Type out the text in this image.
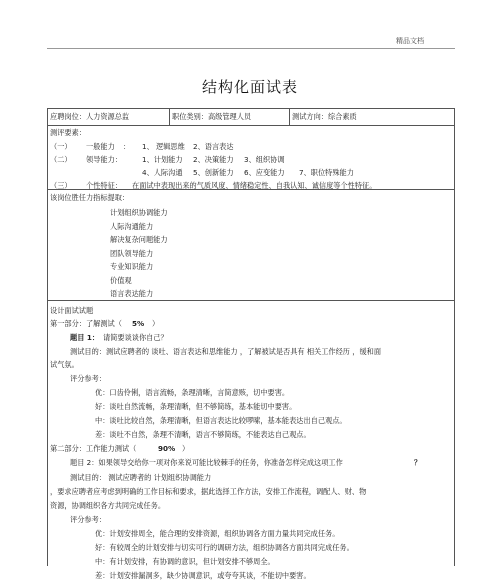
精品文档
结构化面试表
应聘岗位：人力资源总监	职位类别：高级管理人员	测试方向：综合素质
测评要素：
（一） 一般能力 ： 1、 逻辑思维 2、语言表达
（二） 领导能力：	1、计划能力 2、决策能力 3、组织协调
4、人际沟通 5、创新能力 6、应变能力 7、职位特殊能力
（三） 个性特征： 在面试中表现出来的气质风度、情绪稳定性、自我认知、诚信度等个性特征。
该岗位胜任力指标提取：
计划组织协调能力
人际沟通能力
解决复杂问题能力
团队领导能力
专业知识能力
价值观
语言表达能力
设计面试试题
第一部分：了解测试（ 5% ）
题目 1： 请简要谈谈你自己？
测试目的：测试应聘者的 谈吐、语言表达和思维能力 ，了解被试是否具有 相关工作经历 ，缓和面
试气氛。
评分参考：
优：口齿伶俐，语言流畅，条理清晰，言简意赅，切中要害。
好：谈吐自然流畅，条理清晰，但不够简练，基本能切中要害。
中：谈吐比较自然，条理清晰，但语言表达比较啰嗦，基本能表达出自己观点。
差：谈吐不自然，条理不清晰，语言不够简练，不能表达自己观点。
第二部分：工作能力测试（	90% ）
题目 2：如果领导交给你一项对你来说可能比较棘手的任务，你准备怎样完成这项工作	？
测试目的： 测试应聘者的 计划组织协调能力
，要求应聘者应考虑到明确的工作目标和要求，据此选择工作方法，安排工作流程，调配人、财、物
资源，协调组织各方共同完成任务。
评分参考：
优：计划安排周全，能合理的安排资源，组织协调各方面力量共同完成任务。
好：有较周全的计划安排与切实可行的调研方法，组织协调各方面共同完成任务。
中：有计划安排，有协调的意识，但计划安排不够周全。
差：计划安排漏洞多，缺少协调意识，或夸夸其谈，不能切中要害。
